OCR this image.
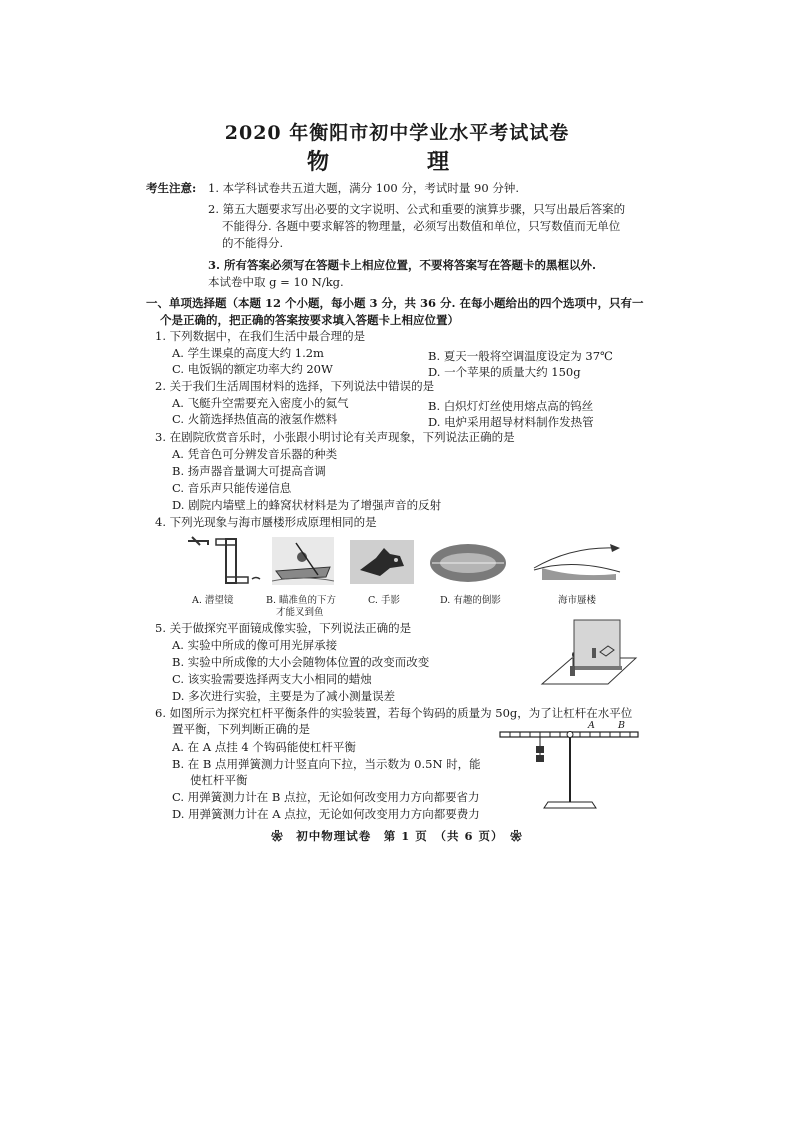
2020 年衡阳市初中学业水平考试试卷
物　理
考生注意: 1. 本学科试卷共五道大题，满分 100 分，考试时量 90 分钟.
2. 第五大题要求写出必要的文字说明、公式和重要的演算步骤，只写出最后答案的
不能得分. 各题中要求解答的物理量，必须写出数值和单位，只写数值而无单位
的不能得分.
3. 所有答案必须写在答题卡上相应位置，不要将答案写在答题卡的黑框以外.
本试卷中取 g = 10 N/kg.
一、单项选择题（本题 12 个小题，每小题 3 分，共 36 分. 在每小题给出的四个选项中，只有一
个是正确的，把正确的答案按要求填入答题卡上相应位置）
1. 下列数据中，在我们生活中最合理的是
A. 学生课桌的高度大约 1.2m	B. 夏天一般将空调温度设定为 37℃
C. 电饭锅的额定功率大约 20W	D. 一个苹果的质量大约 150g
2. 关于我们生活周围材料的选择，下列说法中错误的是
A. 飞艇升空需要充入密度小的氦气	B. 白炽灯灯丝使用熔点高的钨丝
C. 火箭选择热值高的液氢作燃料	D. 电炉采用超导材料制作发热管
3. 在剧院欣赏音乐时，小张跟小明讨论有关声现象，下列说法正确的是
A. 凭音色可分辨发音乐器的种类
B. 扬声器音量调大可提高音调
C. 音乐声只能传递信息
D. 剧院内墙壁上的蜂窝状材料是为了增强声音的反射
4. 下列光现象与海市蜃楼形成原理相同的是
A. 潜望镜	B. 瞄准鱼的下方
才能叉到鱼
C. 手影	D. 有趣的倒影	海市蜃楼
5. 关于做探究平面镜成像实验，下列说法正确的是
A. 实验中所成的像可用光屏承接
B. 实验中所成像的大小会随物体位置的改变而改变
C. 该实验需要选择两支大小相同的蜡烛
D. 多次进行实验，主要是为了减小测量误差
6. 如图所示为探究杠杆平衡条件的实验装置，若每个钩码的质量为 50g，为了让杠杆在水平位
置平衡，下列判断正确的是
A. 在 A 点挂 4 个钩码能使杠杆平衡
B. 在 B 点用弹簧测力计竖直向下拉，当示数为 0.5N 时，能
使杠杆平衡
C. 用弹簧测力计在 B 点拉，无论如何改变用力方向都要省力
D. 用弹簧测力计在 A 点拉，无论如何改变用力方向都要费力
A B
❀　初中物理试卷　第 1 页　（共 6 页）　❀
